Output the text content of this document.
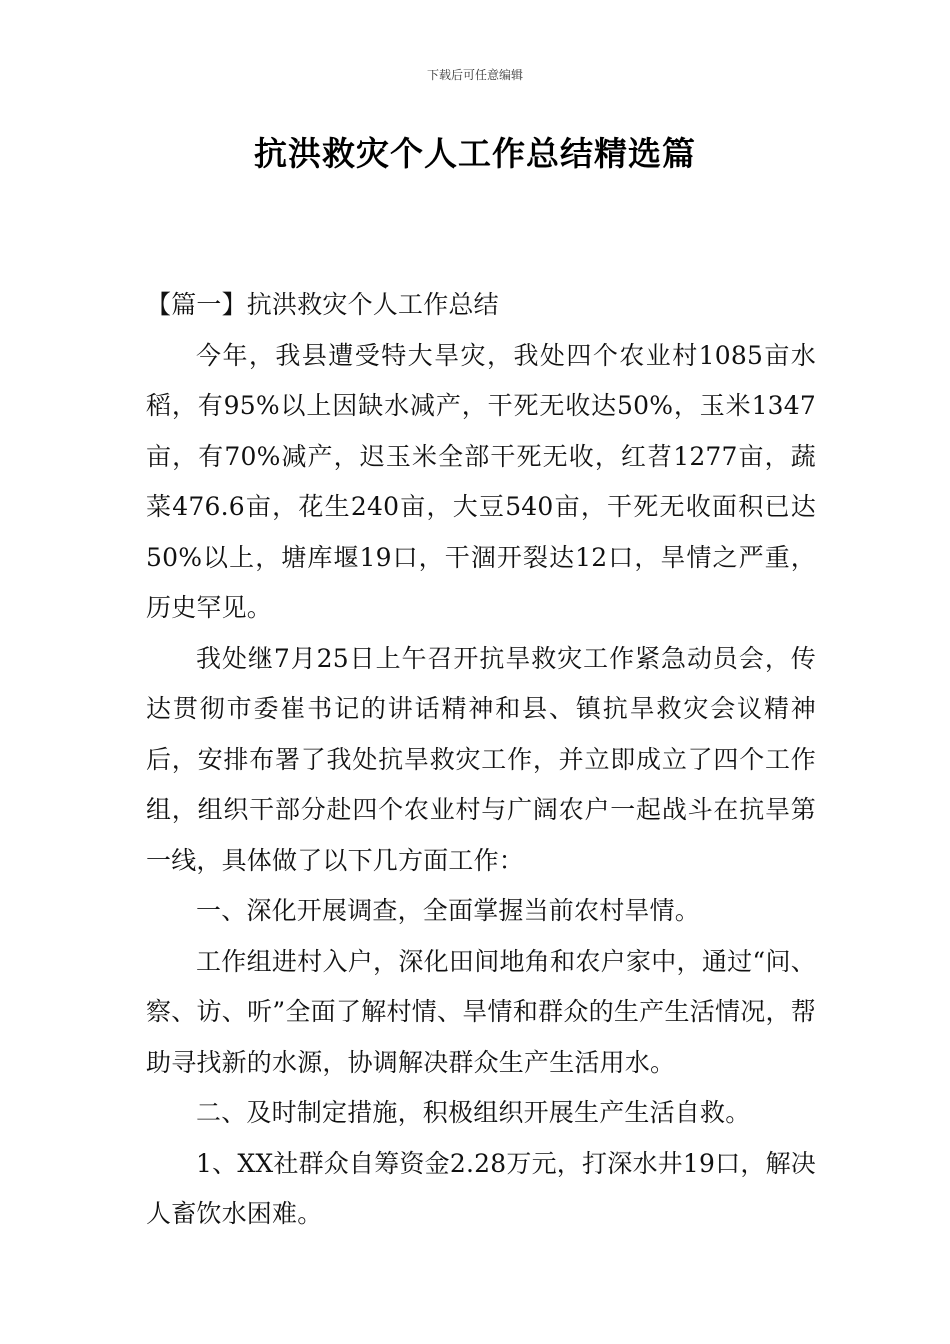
下载后可任意编辑
抗洪救灾个人工作总结精选篇

【篇一】抗洪救灾个人工作总结

今年，我县遭受特大旱灾，我处四个农业村1085亩水稻，有95%以上因缺水减产，干死无收达50%，玉米1347亩，有70%减产，迟玉米全部干死无收，红苕1277亩，蔬菜476.6亩，花生240亩，大豆540亩，干死无收面积已达50%以上，塘库堰19口，干涸开裂达12口，旱情之严重，历史罕见。

我处继7月25日上午召开抗旱救灾工作紧急动员会，传达贯彻市委崔书记的讲话精神和县、镇抗旱救灾会议精神后，安排布署了我处抗旱救灾工作，并立即成立了四个工作组，组织干部分赴四个农业村与广阔农户一起战斗在抗旱第一线，具体做了以下几方面工作：

一、深化开展调查，全面掌握当前农村旱情。

工作组进村入户，深化田间地角和农户家中，通过“问、察、访、听”全面了解村情、旱情和群众的生产生活情况，帮助寻找新的水源，协调解决群众生产生活用水。

二、及时制定措施，积极组织开展生产生活自救。

1、XX社群众自筹资金2.28万元，打深水井19口，解决人畜饮水困难。
